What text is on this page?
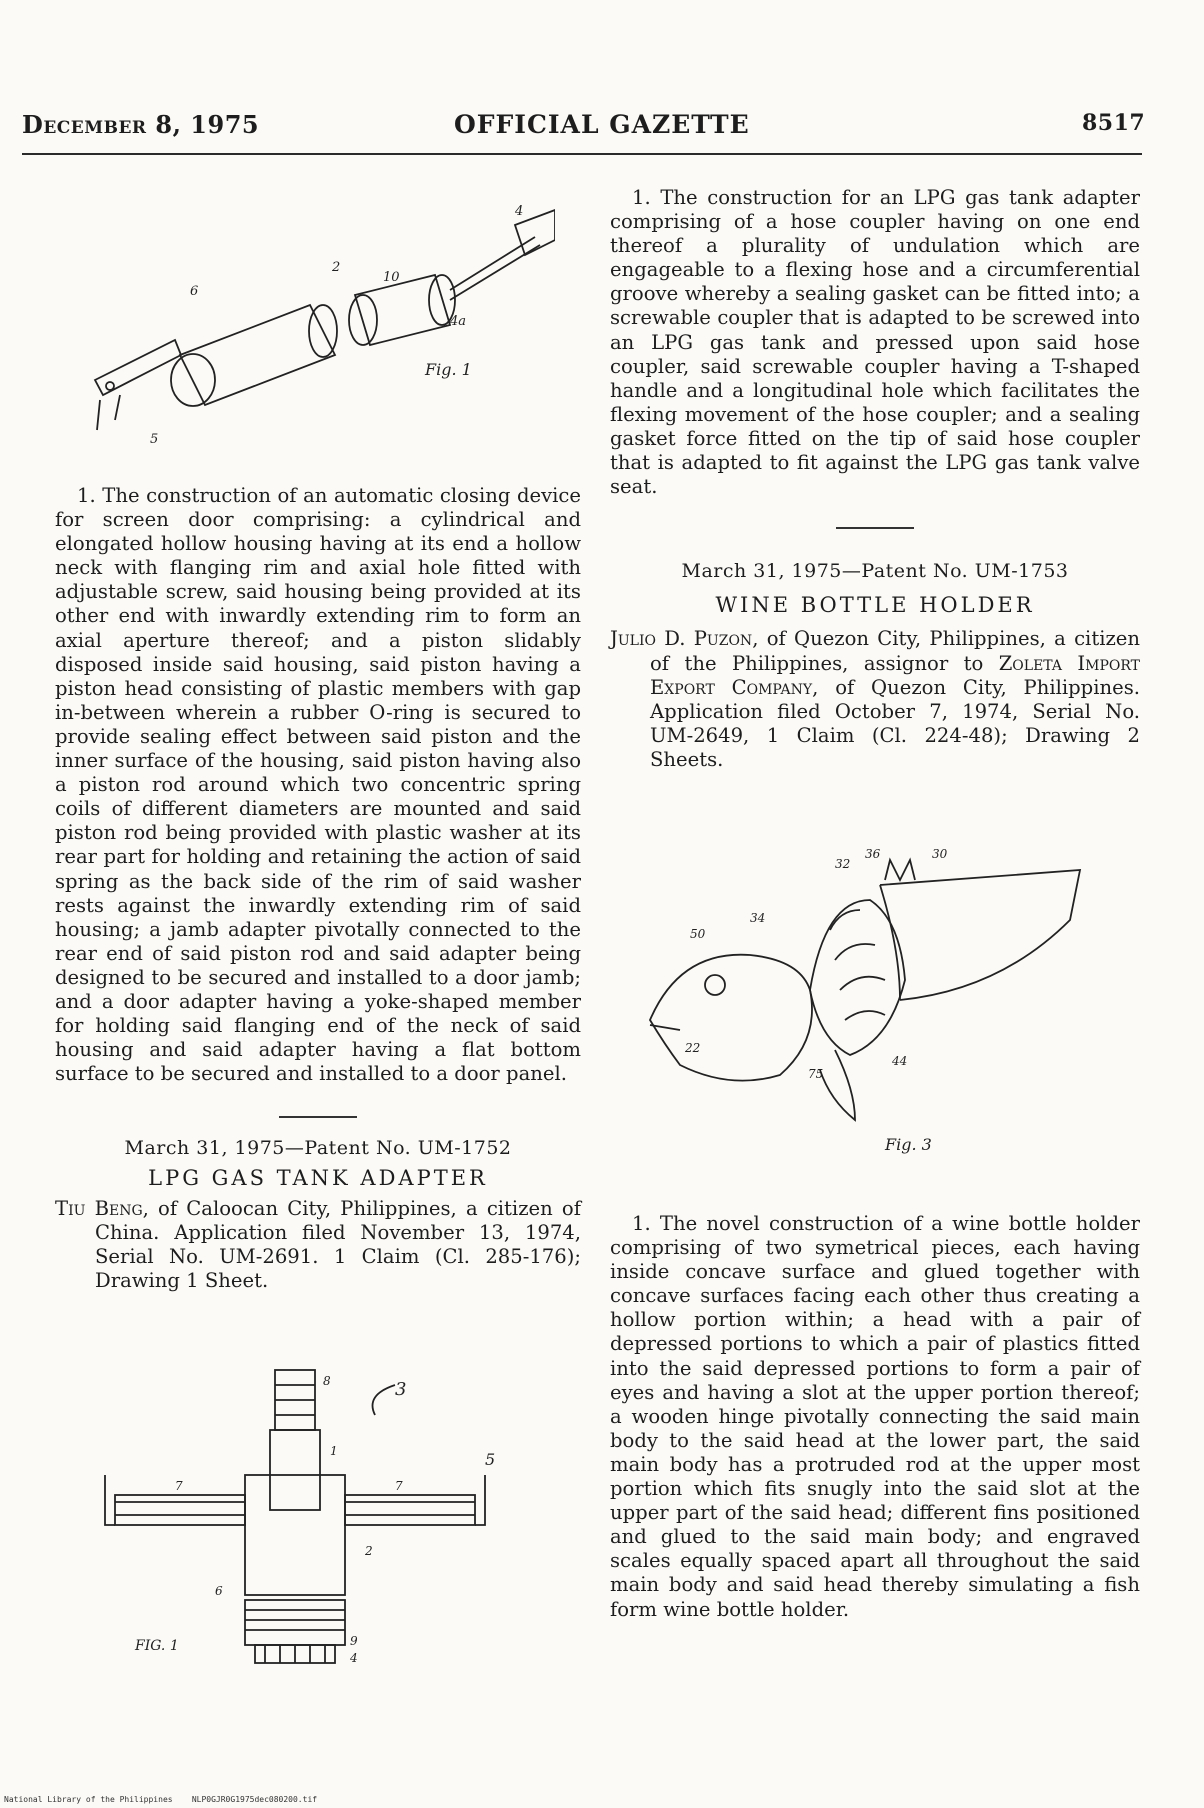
December 8, 1975	OFFICIAL GAZETTE	8517
6
5
4
10
2
4a
Fig. 1

1. The construction of an automatic closing device for screen door comprising: a cylindrical and elongated hollow housing having at its end a hollow neck with flanging rim and axial hole fitted with adjustable screw, said housing being provided at its other end with inwardly extending rim to form an axial aperture thereof; and a piston slidably disposed inside said housing, said piston having a piston head consisting of plastic members with gap in-between wherein a rubber O-ring is secured to provide sealing effect between said piston and the inner surface of the housing, said piston having also a piston rod around which two concentric spring coils of different diameters are mounted and said piston rod being provided with plastic washer at its rear part for holding and retaining the action of said spring as the back side of the rim of said washer rests against the inwardly extending rim of said housing; a jamb adapter pivotally connected to the rear end of said piston rod and said adapter being designed to be secured and installed to a door jamb; and a door adapter having a yoke-shaped member for holding said flanging end of the neck of said housing and said adapter having a flat bottom surface to be secured and installed to a door panel.

March 31, 1975—Patent No. UM-1752
LPG GAS TANK ADAPTER

Tiu Beng, of Caloocan City, Philippines, a citizen of China. Application filed November 13, 1974, Serial No. UM-2691. 1 Claim (Cl. 285-176); Drawing 1 Sheet.

8	3
1
7	7
5
2
6
9
4
FIG. 1

1. The construction for an LPG gas tank adapter comprising of a hose coupler having on one end thereof a plurality of undulation which are engageable to a flexing hose and a circumferential groove whereby a sealing gasket can be fitted into; a screwable coupler that is adapted to be screwed into an LPG gas tank and pressed upon said hose coupler, said screwable coupler having a T-shaped handle and a longitudinal hole which facilitates the flexing movement of the hose coupler; and a sealing gasket force fitted on the tip of said hose coupler that is adapted to fit against the LPG gas tank valve seat.

March 31, 1975—Patent No. UM-1753
WINE BOTTLE HOLDER

Julio D. Puzon, of Quezon City, Philippines, a citizen of the Philippines, assignor to Zoleta Import Export Company, of Quezon City, Philippines. Application filed October 7, 1974, Serial No. UM-2649, 1 Claim (Cl. 224-48); Drawing 2 Sheets.

50
34
32
36	30
22
75
44
Fig. 3

1. The novel construction of a wine bottle holder comprising of two symetrical pieces, each having inside concave surface and glued together with concave surfaces facing each other thus creating a hollow portion within; a head with a pair of depressed portions to which a pair of plastics fitted into the said depressed portions to form a pair of eyes and having a slot at the upper portion thereof; a wooden hinge pivotally connecting the said main body to the said head at the lower part, the said main body has a protruded rod at the upper most portion which fits snugly into the said slot at the upper part of the said head; different fins positioned and glued to the said main body; and engraved scales equally spaced apart all throughout the said main body and said head thereby simulating a fish form wine bottle holder.

National Library of the Philippines NLP0GJR0G1975dec080200.tif
